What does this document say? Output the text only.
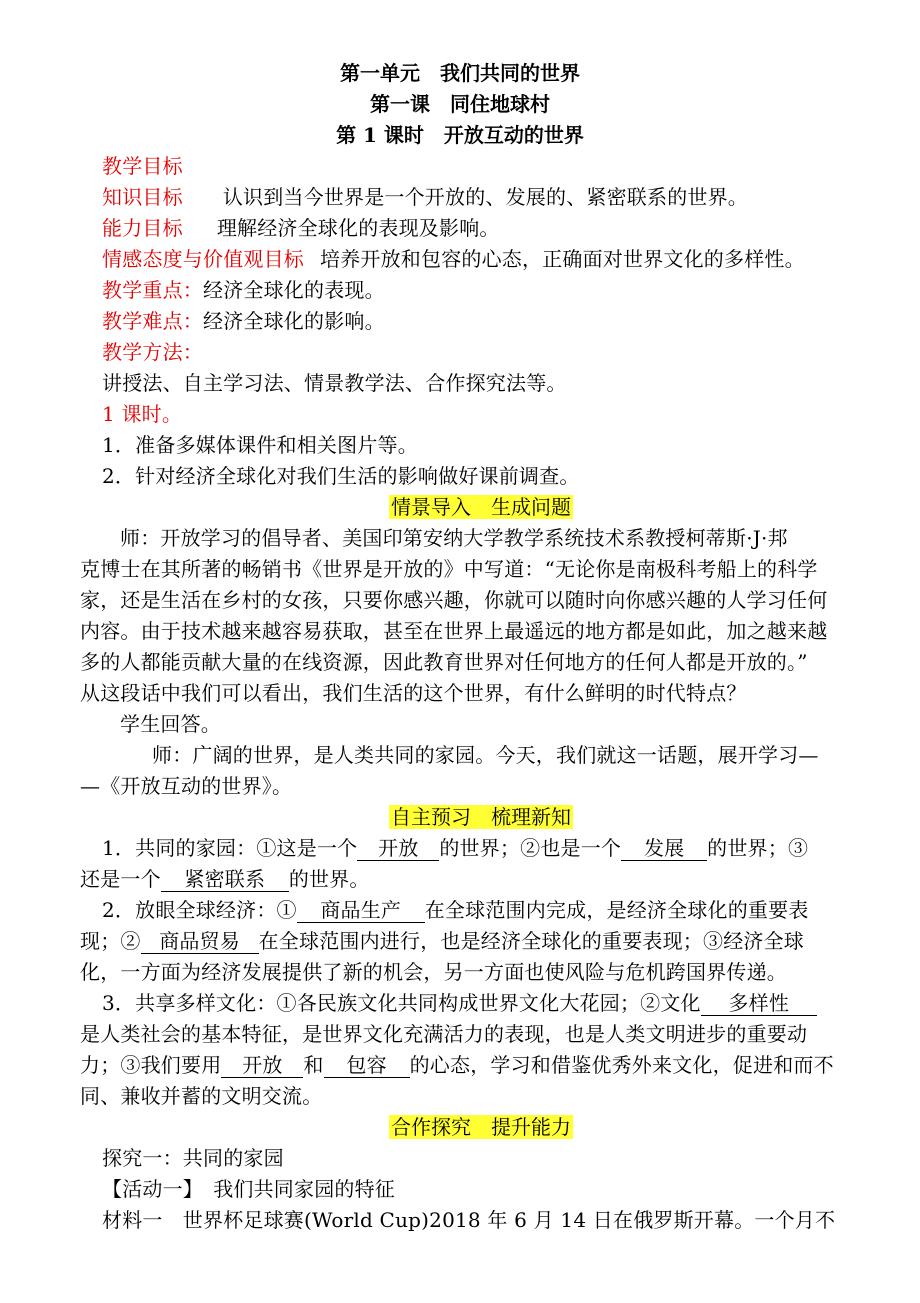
第一单元　我们共同的世界
第一课　同住地球村
第 1 课时　开放互动的世界
教学目标
知识目标 认识到当今世界是一个开放的、发展的、紧密联系的世界。
能力目标 理解经济全球化的表现及影响。
情感态度与价值观目标 培养开放和包容的心态，正确面对世界文化的多样性。
教学重点：经济全球化的表现。
教学难点：经济全球化的影响。
教学方法：
讲授法、自主学习法、情景教学法、合作探究法等。
1 课时。
1．准备多媒体课件和相关图片等。
2．针对经济全球化对我们生活的影响做好课前调查。
情景导入　生成问题
师：开放学习的倡导者、美国印第安纳大学教学系统技术系教授柯蒂斯·J·邦
克博士在其所著的畅销书《世界是开放的》中写道：“无论你是南极科考船上的科学
家，还是生活在乡村的女孩，只要你感兴趣，你就可以随时向你感兴趣的人学习任何
内容。由于技术越来越容易获取，甚至在世界上最遥远的地方都是如此，加之越来越
多的人都能贡献大量的在线资源，因此教育世界对任何地方的任何人都是开放的。”
从这段话中我们可以看出，我们生活的这个世界，有什么鲜明的时代特点？
学生回答。
师：广阔的世界，是人类共同的家园。今天，我们就这一话题，展开学习—
—《开放互动的世界》。
自主预习　梳理新知
1．共同的家园：①这是一个 开放 的世界；②也是一个 发展 的世界；③
还是一个 紧密联系 的世界。
2．放眼全球经济：① 商品生产 在全球范围内完成，是经济全球化的重要表
现；② 商品贸易 在全球范围内进行，也是经济全球化的重要表现；③经济全球
化，一方面为经济发展提供了新的机会，另一方面也使风险与危机跨国界传递。
3．共享多样文化：①各民族文化共同构成世界文化大花园；②文化 多样性
是人类社会的基本特征，是世界文化充满活力的表现，也是人类文明进步的重要动
力；③我们要用 开放 和 包容 的心态，学习和借鉴优秀外来文化，促进和而不
同、兼收并蓄的文明交流。
合作探究　提升能力
探究一：共同的家园
【活动一】　我们共同家园的特征
材料一　世界杯足球赛(World Cup)2018 年 6 月 14 日在俄罗斯开幕。一个月不
